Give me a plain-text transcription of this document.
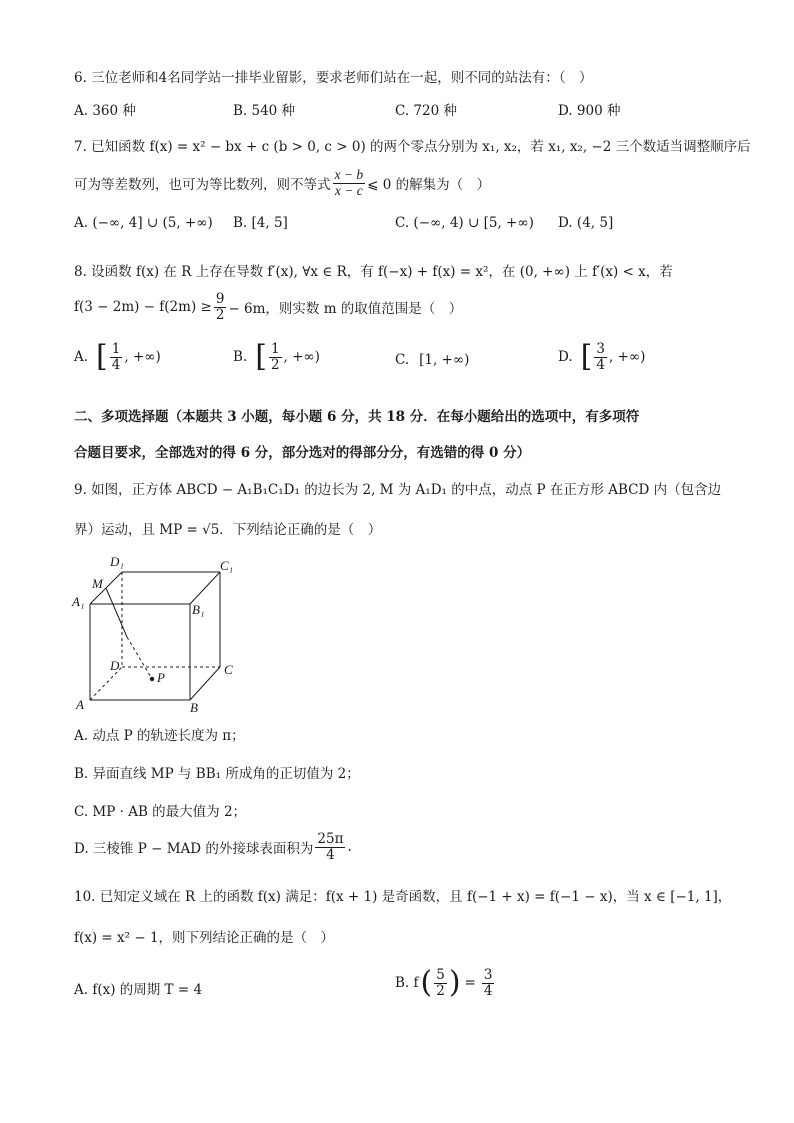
6. 三位老师和4名同学站一排毕业留影，要求老师们站在一起，则不同的站法有：（　）
A. 360 种	B. 540 种	C. 720 种	D. 900 种
7. 已知函数 f(x) = x² − bx + c (b > 0, c > 0) 的两个零点分别为 x₁, x₂，若 x₁, x₂, −2 三个数适当调整顺序后
可为等差数列，也可为等比数列，则不等式 $\frac{x - b}{x - c}$ ⩽ 0 的解集为（　）
A. (−∞, 4] ∪ (5, +∞) B. [4, 5]	C. (−∞, 4) ∪ [5, +∞) D. (4, 5]
8. 设函数 f(x) 在 R 上存在导数 f′(x), ∀x ∈ R，有 f(−x) + f(x) = x²，在 (0, +∞) 上 f′(x) < x，若
$f(3 - 2m) - f(2m) \ge \frac{9}{2} - 6m$，则实数 m 的取值范围是（　）
A. [ $\frac{1}{4}$ , +∞)	B. [ $\frac{1}{2}$ , +∞)	C. [1, +∞)	D. [ $\frac{3}{4}$ , +∞)
二、多项选择题（本题共 3 小题，每小题 6 分，共 18 分．在每小题给出的选项中，有多项符
合题目要求，全部选对的得 6 分，部分选对的得部分分，有选错的得 0 分）
9. 如图，正方体 ABCD − A₁B₁C₁D₁ 的边长为 2, M 为 A₁D₁ 的中点，动点 P 在正方形 ABCD 内（包含边
界）运动，且 MP = √5．下列结论正确的是（　）
D₁	C₁
M
A₁
B₁
D	C
P
A	B
A. 动点 P 的轨迹长度为 π；
B. 异面直线 MP 与 BB₁ 所成角的正切值为 2；
C. MP · AB 的最大值为 2；
D. 三棱锥 P − MAD 的外接球表面积为 $\frac{25\pi}{4}$ .
10. 已知定义域在 R 上的函数 f(x) 满足：f(x + 1) 是奇函数，且 f(−1 + x) = f(−1 − x)，当 x ∈ [−1, 1]，
f(x) = x² − 1，则下列结论正确的是（　）
A. f(x) 的周期 T = 4	B. f ( $\frac{5}{2}$ ) = $\frac{3}{4}$
